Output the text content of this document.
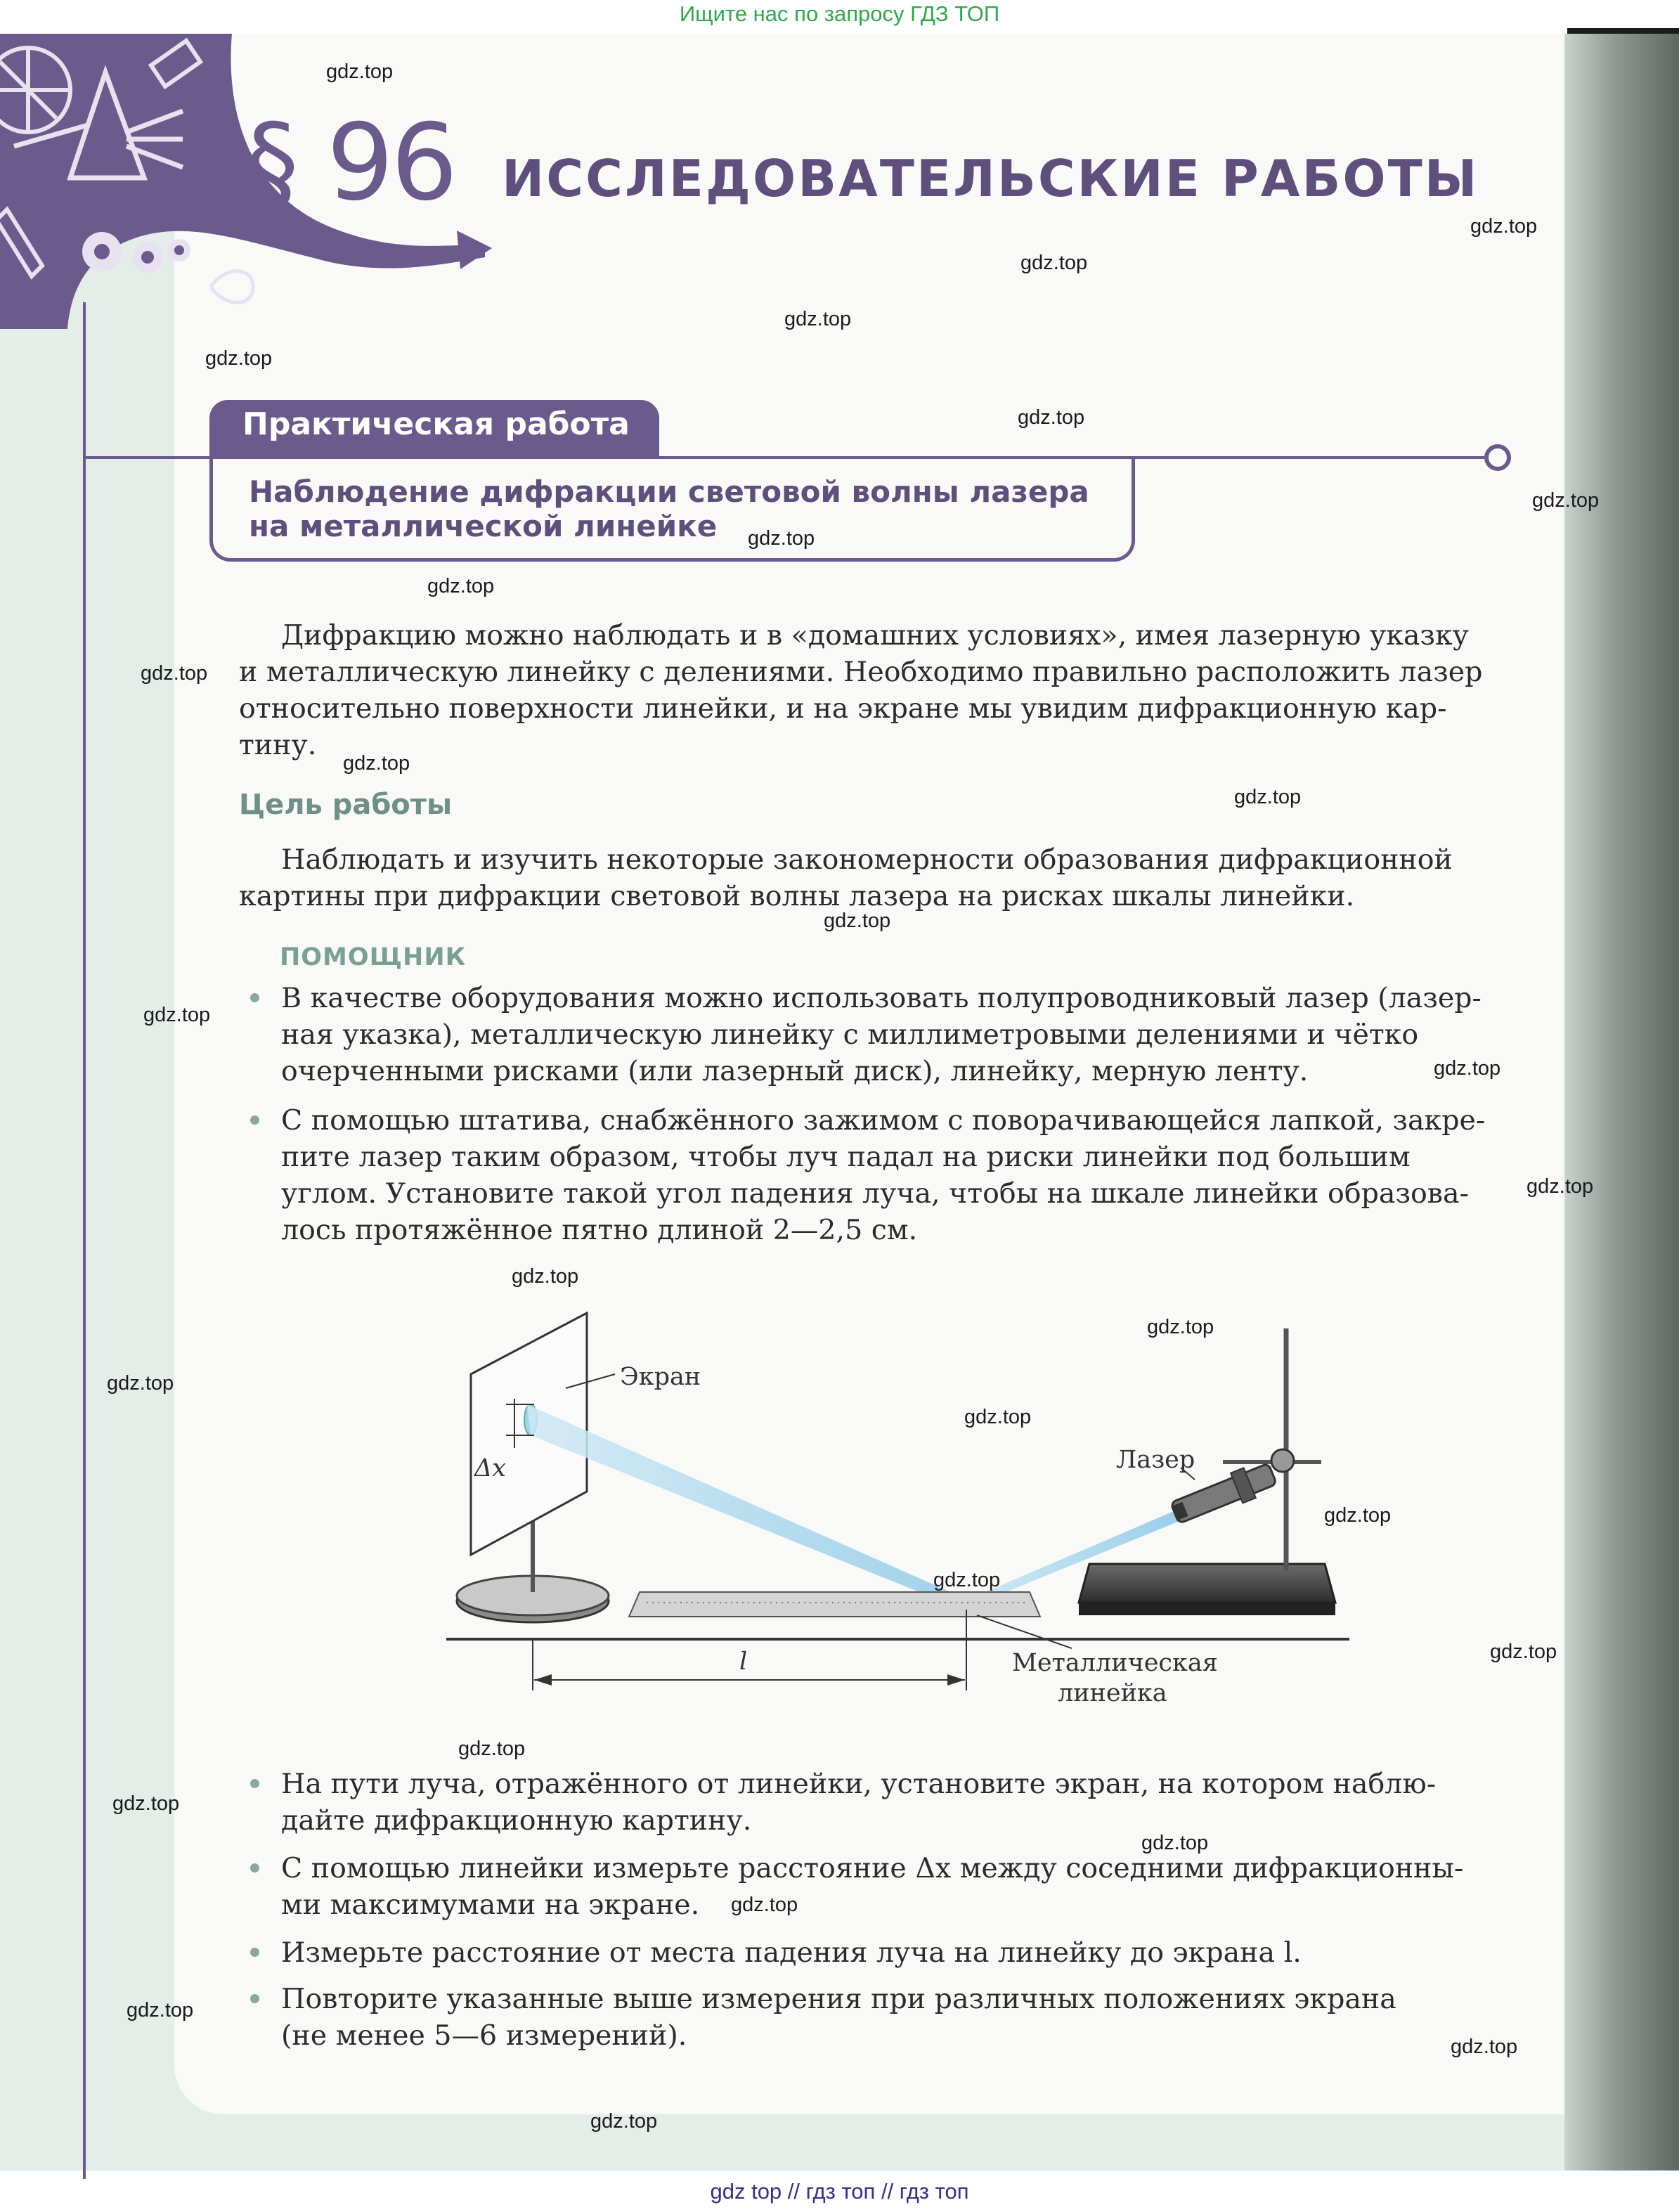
Ищите нас по запросу ГДЗ ТОП
§ 96 ИССЛЕДОВАТЕЛЬСКИЕ РАБОТЫ
Практическая работа
Наблюдение дифракции световой волны лазера
на металлической линейке
Дифракцию можно наблюдать и в «домашних условиях», имея лазерную указку
и металлическую линейку с делениями. Необходимо правильно расположить лазер
относительно поверхности линейки, и на экране мы увидим дифракционную кар-
тину.
Цель работы
Наблюдать и изучить некоторые закономерности образования дифракционной
картины при дифракции световой волны лазера на рисках шкалы линейки.
ПОМОЩНИК
В качестве оборудования можно использовать полупроводниковый лазер (лазер-
ная указка), металлическую линейку с миллиметровыми делениями и чётко
очерченными рисками (или лазерный диск), линейку, мерную ленту.
С помощью штатива, снабжённого зажимом с поворачивающейся лапкой, закре-
пите лазер таким образом, чтобы луч падал на риски линейки под большим
углом. Установите такой угол падения луча, чтобы на шкале линейки образова-
лось протяжённое пятно длиной 2—2,5 см.
Δx
Экран
Металлическая
линейка
l
Лазер
На пути луча, отражённого от линейки, установите экран, на котором наблю-
дайте дифракционную картину.
С помощью линейки измерьте расстояние Δx между соседними дифракционны-
ми максимумами на экране.
Измерьте расстояние от места падения луча на линейку до экрана l.
Повторите указанные выше измерения при различных положениях экрана
(не менее 5—6 измерений).
gdz.top
gdz.top
gdz.top
gdz.top
gdz.top
gdz.top
gdz.top
gdz.top
gdz.top
gdz.top
gdz.top
gdz.top
gdz.top
gdz.top
gdz.top
gdz.top
gdz.top
gdz.top
gdz.top
gdz.top
gdz.top
gdz.top
gdz.top
gdz.top
gdz.top
gdz.top
gdz.top
gdz.top
gdz.top
gdz.top
gdz top // гдз топ // гдз топ
